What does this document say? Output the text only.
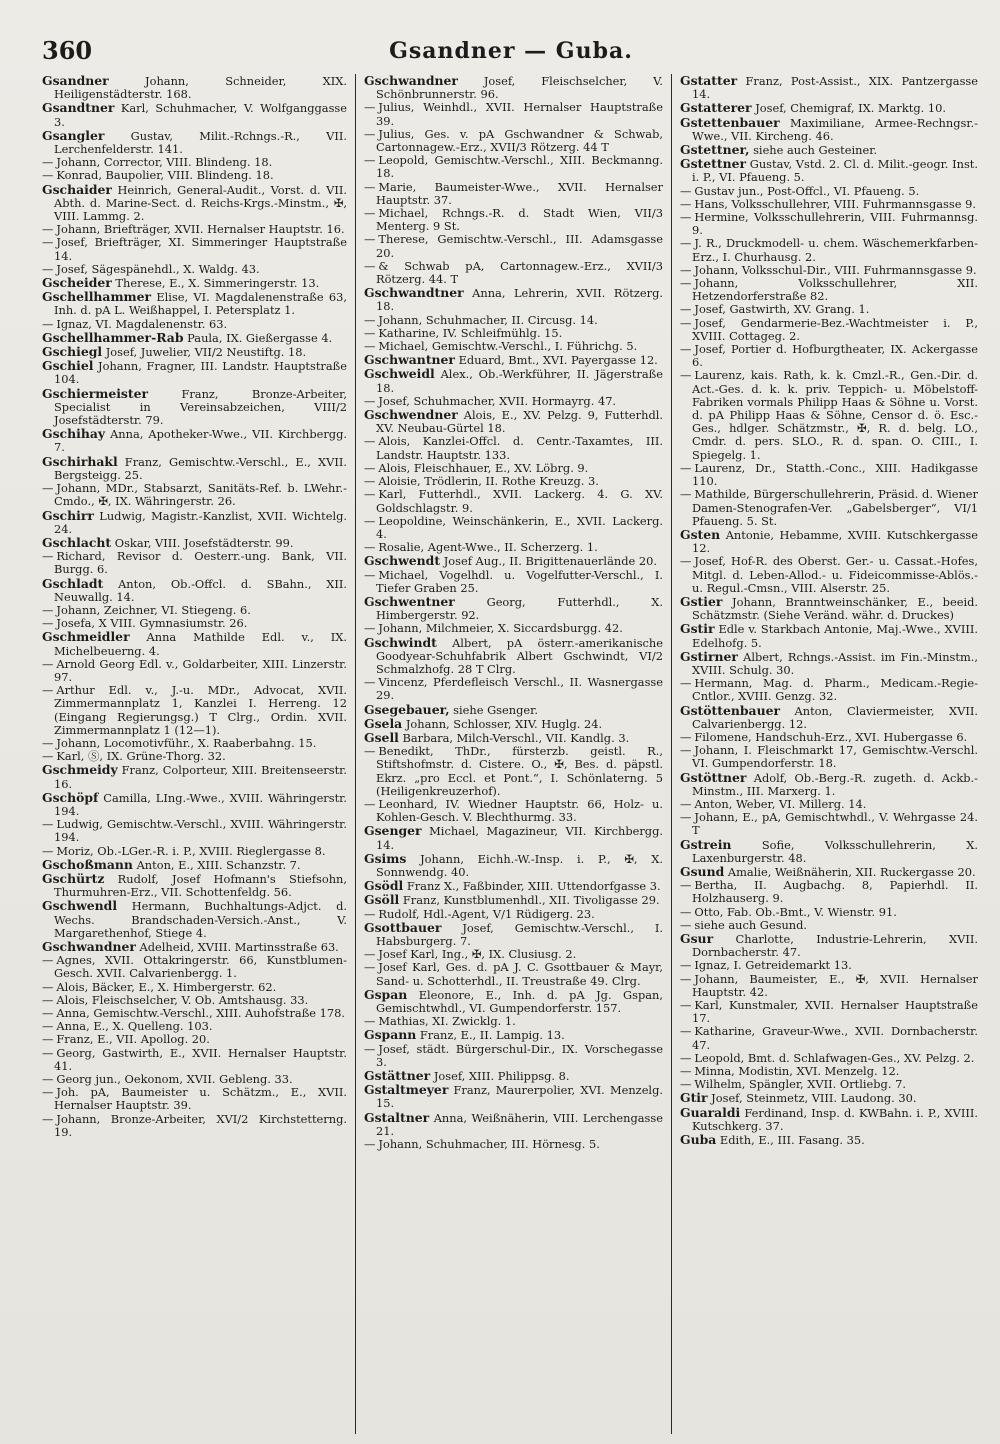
360	Gsandner — Guba.

Gsandner	Johann, Schneider, XIX. Heiligenstädterstr. 168.

Gsandtner Karl, Schuhmacher, V. Wolfganggasse 3.

Gsangler Gustav, Milit.-Rchngs.-R., VII. Lerchenfelderstr. 141.

— Johann, Corrector, VIII. Blindeng. 18.

— Konrad, Baupolier, VIII. Blindeng. 18.

Gschaider Heinrich, General-Audit., Vorst. d. VII. Abth. d. Marine-Sect. d. Reichs-Krgs.-Minstm., ✠, VIII. Lammg. 2.

— Johann, Briefträger, XVII. Hernalser Hauptstr. 16.

— Josef, Briefträger, XI. Simmeringer Hauptstraße 14.

— Josef, Sägespänehdl., X. Waldg. 43.

Gscheider Therese, E., X. Simmeringerstr. 13.

Gschellhammer Elise, VI. Magdalenenstraße 63, Inh. d. pA L. Weißhappel, I. Petersplatz 1.

— Ignaz, VI. Magdalenenstr. 63.

Gschellhammer-Rab Paula, IX. Gießergasse 4.

Gschiegl Josef, Juwelier, VII/2 Neustiftg. 18.

Gschiel Johann, Fragner, III. Landstr. Hauptstraße 104.

Gschiermeister	Franz, Bronze-Arbeiter, Specialist in Vereinsabzeichen, VIII/2 Josefstädterstr. 79.

Gschihay Anna, Apotheker-Wwe., VII. Kirchbergg. 7.

Gschirhakl Franz, Gemischtw.-Verschl., E., XVII. Bergsteigg. 25.

— Johann, MDr., Stabsarzt, Sanitäts-Ref. b. LWehr.-Cmdo., ✠, IX. Währingerstr. 26.

Gschirr Ludwig, Magistr.-Kanzlist, XVII. Wichtelg. 24.

Gschlacht Oskar, VIII. Josefstädterstr. 99.

— Richard, Revisor d. Oesterr.-ung. Bank, VII. Burgg. 6.

Gschladt Anton, Ob.-Offcl. d. SBahn., XII. Neuwallg. 14.

— Johann, Zeichner, VI. Stiegeng. 6.

— Josefa, X VIII. Gymnasiumstr. 26.

Gschmeidler Anna Mathilde Edl. v., IX. Michelbeuerng. 4.

— Arnold Georg Edl. v., Goldarbeiter, XIII. Linzerstr. 97.

— Arthur Edl. v., J.-u. MDr., Advocat, XVII. Zimmermannplatz 1, Kanzlei I. Herreng. 12 (Eingang Regierungsg.) T Clrg., Ordin. XVII. Zimmermannplatz 1 (12—1).

— Johann, Locomotivführ., X. Raaberbahng. 15.

— Karl, Ⓢ, IX. Grüne-Thorg. 32.

Gschmeidy Franz, Colporteur, XIII. Breitenseerstr. 16.

Gschöpf Camilla, LIng.-Wwe., XVIII. Währingerstr. 194.

— Ludwig, Gemischtw.-Verschl., XVIII. Währingerstr. 194.

— Moriz, Ob.-LGer.-R. i. P., XVIII. Rieglergasse 8.

Gschoßmann Anton, E., XIII. Schanzstr. 7.

Gschürtz Rudolf, Josef Hofmann's Stiefsohn, Thurmuhren-Erz., VII. Schottenfeldg. 56.

Gschwendl Hermann, Buchhaltungs-Adjct. d. Wechs. Brandschaden-Versich.-Anst., V. Margarethenhof, Stiege 4.

Gschwandner Adelheid, XVIII. Martinsstraße 63.

— Agnes, XVII. Ottakringerstr. 66, Kunstblumen-Gesch. XVII. Calvarienbergg. 1.

— Alois, Bäcker, E., X. Himbergerstr. 62.

— Alois, Fleischselcher, V. Ob. Amtshausg. 33.

— Anna, Gemischtw.-Verschl., XIII. Auhofstraße 178.

— Anna, E., X. Quelleng. 103.

— Franz, E., VII. Apollog. 20.

— Georg, Gastwirth, E., XVII. Hernalser Hauptstr. 41.

— Georg jun., Oekonom, XVII. Gebleng. 33.

— Joh. pA, Baumeister u. Schätzm., E., XVII. Hernalser Hauptstr. 39.

— Johann, Bronze-Arbeiter, XVI/2 Kirchstetterng. 19.

Gschwandner Josef, Fleischselcher, V. Schönbrunnerstr. 96.

— Julius, Weinhdl., XVII. Hernalser Hauptstraße 39.

— Julius, Ges. v. pA Gschwandner & Schwab, Cartonnagew.-Erz., XVII/3 Rötzerg. 44 T

— Leopold, Gemischtw.-Verschl., XIII. Beckmanng. 18.

— Marie, Baumeister-Wwe., XVII. Hernalser Hauptstr. 37.

— Michael, Rchngs.-R. d. Stadt Wien, VII/3 Menterg. 9 St.

— Therese, Gemischtw.-Verschl., III. Adamsgasse 20.

— & Schwab pA, Cartonnagew.-Erz., XVII/3 Rötzerg. 44. T

Gschwandtner Anna, Lehrerin, XVII. Rötzerg. 18.

— Johann, Schuhmacher, II. Circusg. 14.

— Katharine, IV. Schleifmühlg. 15.

— Michael, Gemischtw.-Verschl., I. Führichg. 5.

Gschwantner Eduard, Bmt., XVI. Payergasse 12.

Gschweidl Alex., Ob.-Werkführer, II. Jägerstraße 18.

— Josef, Schuhmacher, XVII. Hormayrg. 47.

Gschwendner Alois, E., XV. Pelzg. 9, Futterhdl. XV. Neubau-Gürtel 18.

— Alois, Kanzlei-Offcl. d. Centr.-Taxamtes, III. Landstr. Hauptstr. 133.

— Alois, Fleischhauer, E., XV. Löbrg. 9.

— Aloisie, Trödlerin, II. Rothe Kreuzg. 3.

— Karl, Futterhdl., XVII. Lackerg. 4. G. XV. Goldschlagstr. 9.

— Leopoldine, Weinschänkerin, E., XVII. Lackerg. 4.

— Rosalie, Agent-Wwe., II. Scherzerg. 1.

Gschwendt Josef Aug., II. Brigittenauerlände 20.

— Michael, Vogelhdl. u. Vogelfutter-Verschl., I. Tiefer Graben 25.

Gschwentner	Georg, Futterhdl., X. Himbergerstr. 92.

— Johann, Milchmeier, X. Siccardsburgg. 42.

Gschwindt Albert, pA österr.-amerikanische Goodyear-Schuhfabrik Albert Gschwindt, VI/2 Schmalzhofg. 28 T Clrg.

— Vincenz, Pferdefleisch Verschl., II. Wasnergasse 29.

Gsegebauer, siehe Gsenger.

Gsela Johann, Schlosser, XIV. Huglg. 24.

Gsell Barbara, Milch-Verschl., VII. Kandlg. 3.

— Benedikt, ThDr., fürsterzb. geistl. R., Stiftshofmstr. d. Cistere. O., ✠, Bes. d. päpstl. Ekrz. „pro Eccl. et Pont.“, I. Schönlaterng. 5 (Heiligenkreuzerhof).

— Leonhard, IV. Wiedner Hauptstr. 66, Holz- u. Kohlen-Gesch. V. Blechthurmg. 33.

Gsenger Michael, Magazineur, VII. Kirchbergg. 14.

Gsims Johann, Eichh.-W.-Insp. i. P., ✠, X. Sonnwendg. 40.

Gsödl Franz X., Faßbinder, XIII. Uttendorfgasse 3.

Gsöll Franz, Kunstblumenhdl., XII. Tivoligasse 29.

— Rudolf, Hdl.-Agent, V/1 Rüdigerg. 23.

Gsottbauer Josef, Gemischtw.-Verschl., I. Habsburgerg. 7.

— Josef Karl, Ing., ✠, IX. Clusiusg. 2.

— Josef Karl, Ges. d. pA J. C. Gsottbauer & Mayr, Sand- u. Schotterhdl., II. Treustraße 49. Clrg.

Gspan Eleonore, E., Inh. d. pA Jg. Gspan, Gemischtwhdl., VI. Gumpendorferstr. 157.

— Mathias, XI. Zwicklg. 1.

Gspann Franz, E., II. Lampig. 13.

— Josef, städt. Bürgerschul-Dir., IX. Vorschegasse 3.

Gstättner Josef, XIII. Philippsg. 8.

Gstaltmeyer Franz, Maurerpolier, XVI. Menzelg. 15.

Gstaltner Anna, Weißnäherin, VIII. Lerchengasse 21.

— Johann, Schuhmacher, III. Hörnesg. 5.

Gstatter Franz, Post-Assist., XIX. Pantzergasse 14.

Gstatterer Josef, Chemigraf, IX. Marktg. 10.

Gstettenbauer Maximiliane, Armee-Rechngsr.-Wwe., VII. Kircheng. 46.

Gstettner, siehe auch Gesteiner.

Gstettner Gustav, Vstd. 2. Cl. d. Milit.-geogr. Inst. i. P., VI. Pfaueng. 5.

— Gustav jun., Post-Offcl., VI. Pfaueng. 5.

— Hans, Volksschullehrer, VIII. Fuhrmannsgasse 9.

— Hermine, Volksschullehrerin, VIII. Fuhrmannsg. 9.

— J. R., Druckmodell- u. chem. Wäschemerkfarben-Erz., I. Churhausg. 2.

— Johann, Volksschul-Dir., VIII. Fuhrmannsgasse 9.

— Johann, Volksschullehrer, XII. Hetzendorferstraße 82.

— Josef, Gastwirth, XV. Grang. 1.

— Josef, Gendarmerie-Bez.-Wachtmeister i. P., XVIII. Cottageg. 2.

— Josef, Portier d. Hofburgtheater, IX. Ackergasse 6.

— Laurenz, kais. Rath, k. k. Cmzl.-R., Gen.-Dir. d. Act.-Ges. d. k. k. priv. Teppich- u. Möbelstoff-Fabriken vormals Philipp Haas & Söhne u. Vorst. d. pA Philipp Haas & Söhne, Censor d. ö. Esc.-Ges., hdlger. Schätzmstr., ✠, R. d. belg. LO., Cmdr. d. pers. SLO., R. d. span. O. CIII., I. Spiegelg. 1.

— Laurenz, Dr., Statth.-Conc., XIII. Hadikgasse 110.

— Mathilde, Bürgerschullehrerin, Präsid. d. Wiener Damen-Stenografen-Ver. „Gabelsberger“, VI/1 Pfaueng. 5. St.

Gsten Antonie, Hebamme, XVIII. Kutschkergasse 12.

— Josef, Hof-R. des Oberst. Ger.- u. Cassat.-Hofes, Mitgl. d. Leben-Allod.- u. Fideicommisse-Ablös.- u. Regul.-Cmsn., VIII. Alserstr. 25.

Gstier Johann, Branntweinschänker, E., beeid. Schätzmstr. (Siehe Veränd. währ. d. Druckes)

Gstir Edle v. Starkbach Antonie, Maj.-Wwe., XVIII. Edelhofg. 5.

Gstirner Albert, Rchngs.-Assist. im Fin.-Minstm., XVIII. Schulg. 30.

— Hermann, Mag. d. Pharm., Medicam.-Regie-Cntlor., XVIII. Genzg. 32.

Gstöttenbauer Anton, Claviermeister, XVII. Calvarienbergg. 12.

— Filomene, Handschuh-Erz., XVI. Hubergasse 6.

— Johann, I. Fleischmarkt 17, Gemischtw.-Verschl. VI. Gumpendorferstr. 18.

Gstöttner Adolf, Ob.-Berg.-R. zugeth. d. Ackb.-Minstm., III. Marxerg. 1.

— Anton, Weber, VI. Millerg. 14.

— Johann, E., pA, Gemischtwhdl., V. Wehrgasse 24. T

Gstrein	Sofie, Volksschullehrerin, X. Laxenburgerstr. 48.

Gsund Amalie, Weißnäherin, XII. Ruckergasse 20.

— Bertha, II. Augbachg. 8, Papierhdl. II. Holzhauserg. 9.

— Otto, Fab. Ob.-Bmt., V. Wienstr. 91.

— siehe auch Gesund.

Gsur Charlotte, Industrie-Lehrerin, XVII. Dornbacherstr. 47.

— Ignaz, I. Getreidemarkt 13.

— Johann, Baumeister, E., ✠, XVII. Hernalser Hauptstr. 42.

— Karl, Kunstmaler, XVII. Hernalser Hauptstraße 17.

— Katharine, Graveur-Wwe., XVII. Dornbacherstr. 47.

— Leopold, Bmt. d. Schlafwagen-Ges., XV. Pelzg. 2.

— Minna, Modistin, XVI. Menzelg. 12.

— Wilhelm, Spängler, XVII. Ortliebg. 7.

Gtir Josef, Steinmetz, VIII. Laudong. 30.

Guaraldi Ferdinand, Insp. d. KWBahn. i. P., XVIII. Kutschkerg. 37.

Guba Edith, E., III. Fasang. 35.
